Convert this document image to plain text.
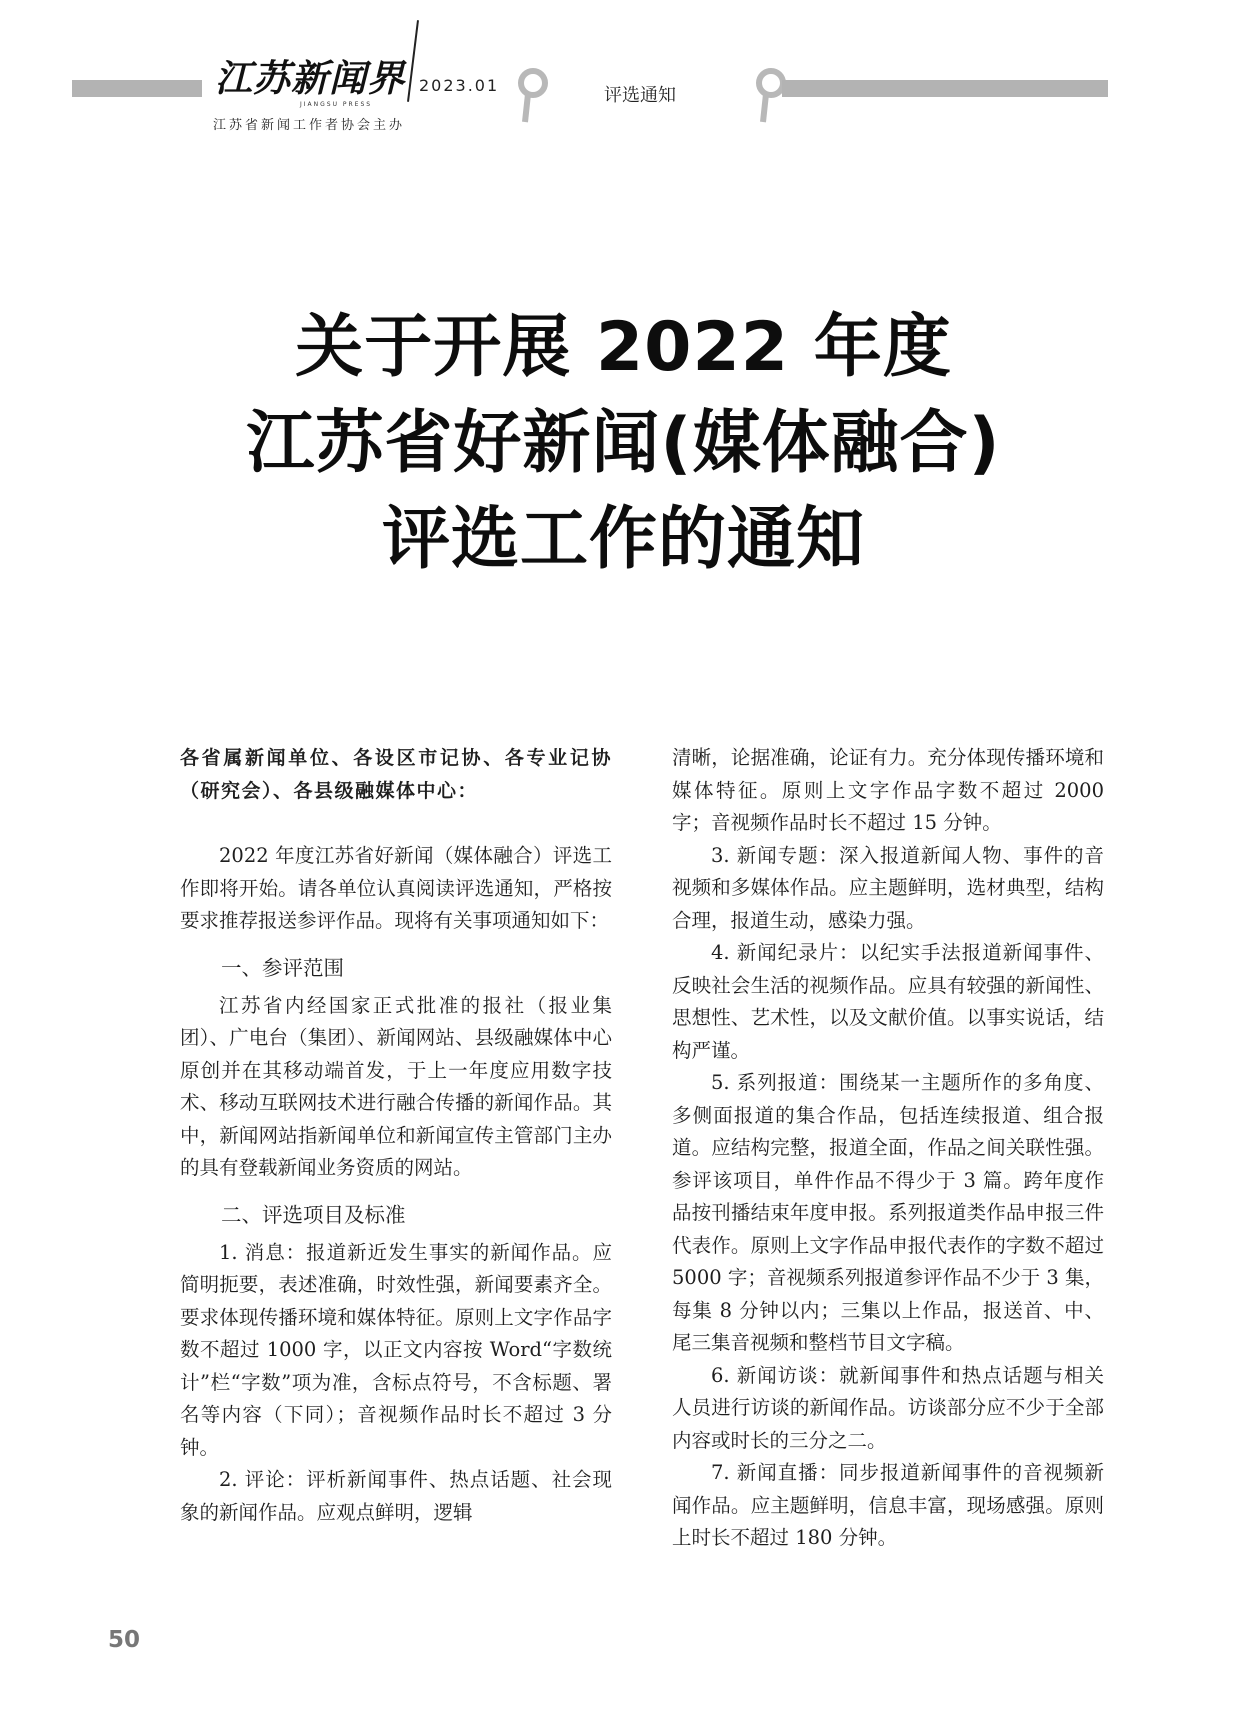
江苏新闻界
JIANGSU PRESS
2023.01
江苏省新闻工作者协会主办
评选通知
关于开展 2022 年度
江苏省好新闻(媒体融合)
评选工作的通知

各省属新闻单位、各设区市记协、各专业记协（研究会）、各县级融媒体中心：

2022 年度江苏省好新闻（媒体融合）评选工作即将开始。请各单位认真阅读评选通知，严格按要求推荐报送参评作品。现将有关事项通知如下：

一、参评范围

江苏省内经国家正式批准的报社（报业集团）、广电台（集团）、新闻网站、县级融媒体中心原创并在其移动端首发，于上一年度应用数字技术、移动互联网技术进行融合传播的新闻作品。其中，新闻网站指新闻单位和新闻宣传主管部门主办的具有登载新闻业务资质的网站。

二、评选项目及标准

1. 消息：报道新近发生事实的新闻作品。应简明扼要，表述准确，时效性强，新闻要素齐全。要求体现传播环境和媒体特征。原则上文字作品字数不超过 1000 字，以正文内容按 Word“字数统计”栏“字数”项为准，含标点符号，不含标题、署名等内容（下同）；音视频作品时长不超过 3 分钟。

2. 评论：评析新闻事件、热点话题、社会现象的新闻作品。应观点鲜明，逻辑

清晰，论据准确，论证有力。充分体现传播环境和媒体特征。原则上文字作品字数不超过 2000 字；音视频作品时长不超过 15 分钟。

3. 新闻专题：深入报道新闻人物、事件的音视频和多媒体作品。应主题鲜明，选材典型，结构合理，报道生动，感染力强。

4. 新闻纪录片：以纪实手法报道新闻事件、反映社会生活的视频作品。应具有较强的新闻性、思想性、艺术性，以及文献价值。以事实说话，结构严谨。

5. 系列报道：围绕某一主题所作的多角度、多侧面报道的集合作品，包括连续报道、组合报道。应结构完整，报道全面，作品之间关联性强。参评该项目，单件作品不得少于 3 篇。跨年度作品按刊播结束年度申报。系列报道类作品申报三件代表作。原则上文字作品申报代表作的字数不超过 5000 字；音视频系列报道参评作品不少于 3 集，每集 8 分钟以内；三集以上作品，报送首、中、尾三集音视频和整档节目文字稿。

6. 新闻访谈：就新闻事件和热点话题与相关人员进行访谈的新闻作品。访谈部分应不少于全部内容或时长的三分之二。

7. 新闻直播：同步报道新闻事件的音视频新闻作品。应主题鲜明，信息丰富，现场感强。原则上时长不超过 180 分钟。

50
